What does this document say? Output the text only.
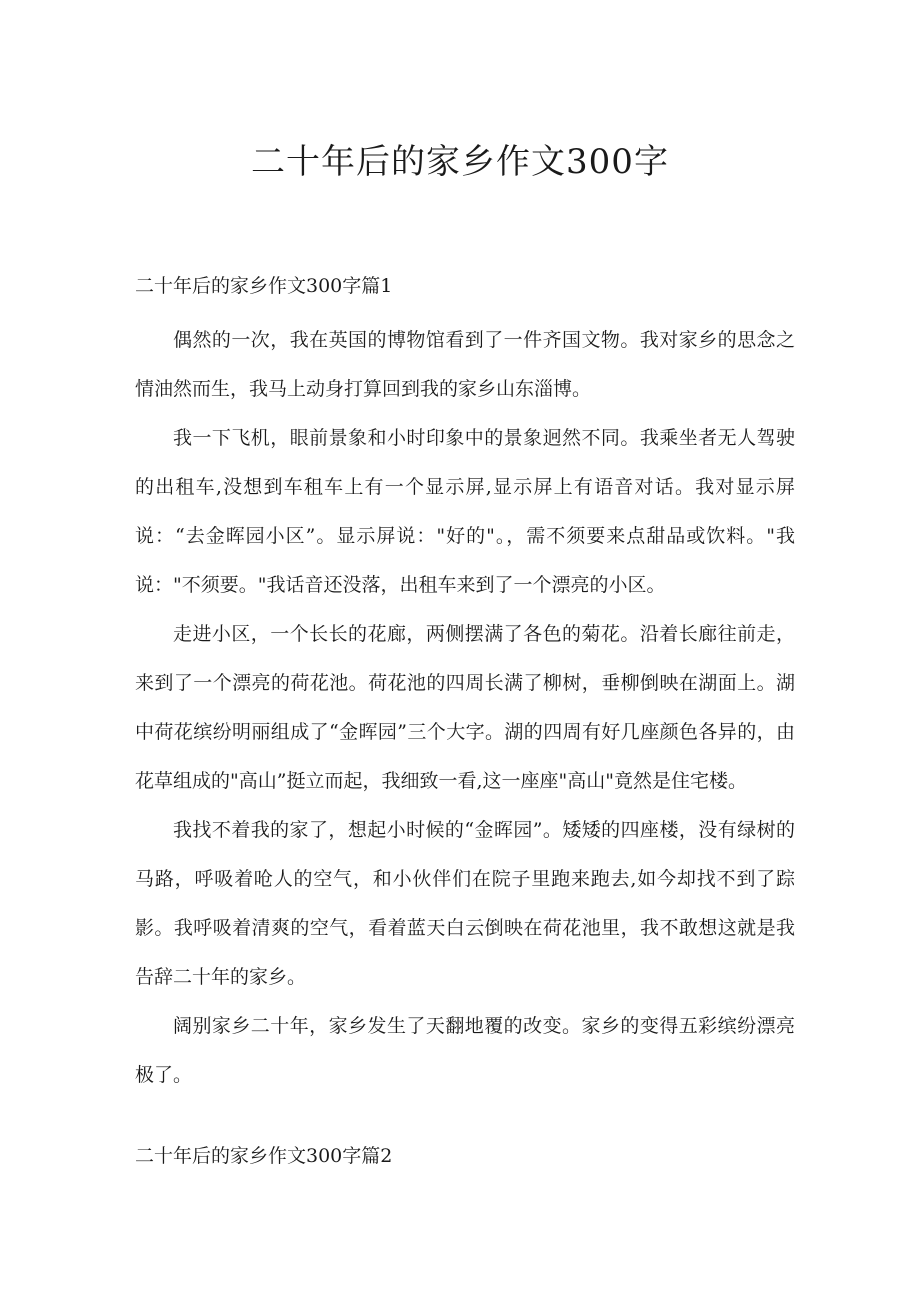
二十年后的家乡作文300字
二十年后的家乡作文300字篇1

偶然的一次，我在英国的博物馆看到了一件齐国文物。我对家乡的思念之情油然而生，我马上动身打算回到我的家乡山东淄博。

我一下飞机，眼前景象和小时印象中的景象迥然不同。我乘坐者无人驾驶的出租车,没想到车租车上有一个显示屏,显示屏上有语音对话。我对显示屏说：“去金晖园小区”。显示屏说："好的"。，需不须要来点甜品或饮料。"我说："不须要。"我话音还没落，出租车来到了一个漂亮的小区。

走进小区，一个长长的花廊，两侧摆满了各色的菊花。沿着长廊往前走，来到了一个漂亮的荷花池。荷花池的四周长满了柳树，垂柳倒映在湖面上。湖中荷花缤纷明丽组成了“金晖园”三个大字。湖的四周有好几座颜色各异的，由花草组成的"高山”挺立而起，我细致一看,这一座座"高山"竟然是住宅楼。

我找不着我的家了，想起小时候的“金晖园”。矮矮的四座楼，没有绿树的马路，呼吸着呛人的空气，和小伙伴们在院子里跑来跑去,如今却找不到了踪影。我呼吸着清爽的空气，看着蓝天白云倒映在荷花池里，我不敢想这就是我告辞二十年的家乡。

阔别家乡二十年，家乡发生了天翻地覆的改变。家乡的变得五彩缤纷漂亮极了。

二十年后的家乡作文300字篇2
